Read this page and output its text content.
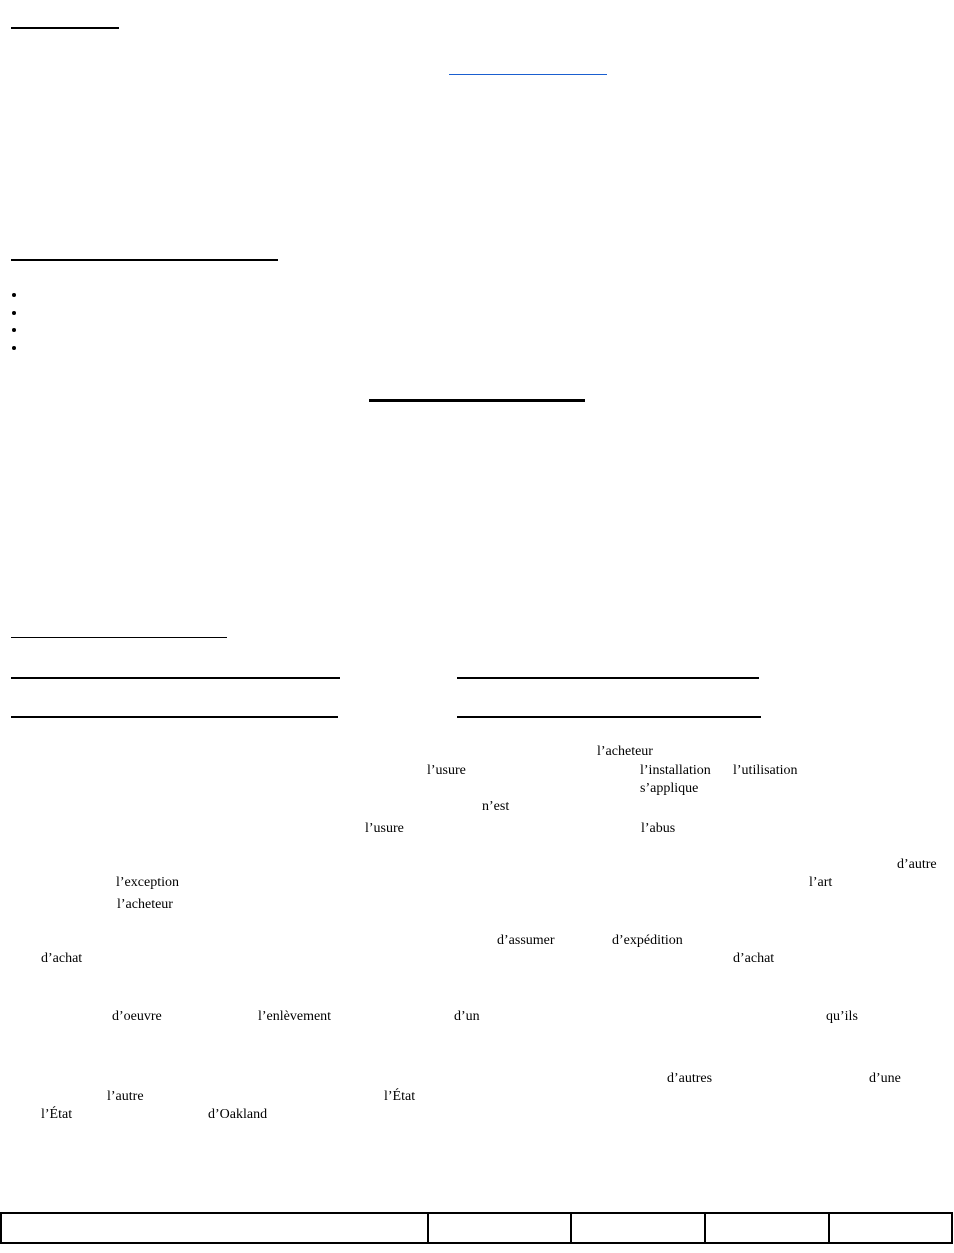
l’acheteur
l’usure	l’installation l’utilisation
s’applique
n’est
l’usure	l’abus
d’autre
l’exception	l’art
l’acheteur
d’assumer	d’expédition
d’achat	d’achat
d’oeuvre	l’enlèvement	d’un	qu’ils
d’autres	d’une
l’autre	l’État
l’État	d’Oakland
